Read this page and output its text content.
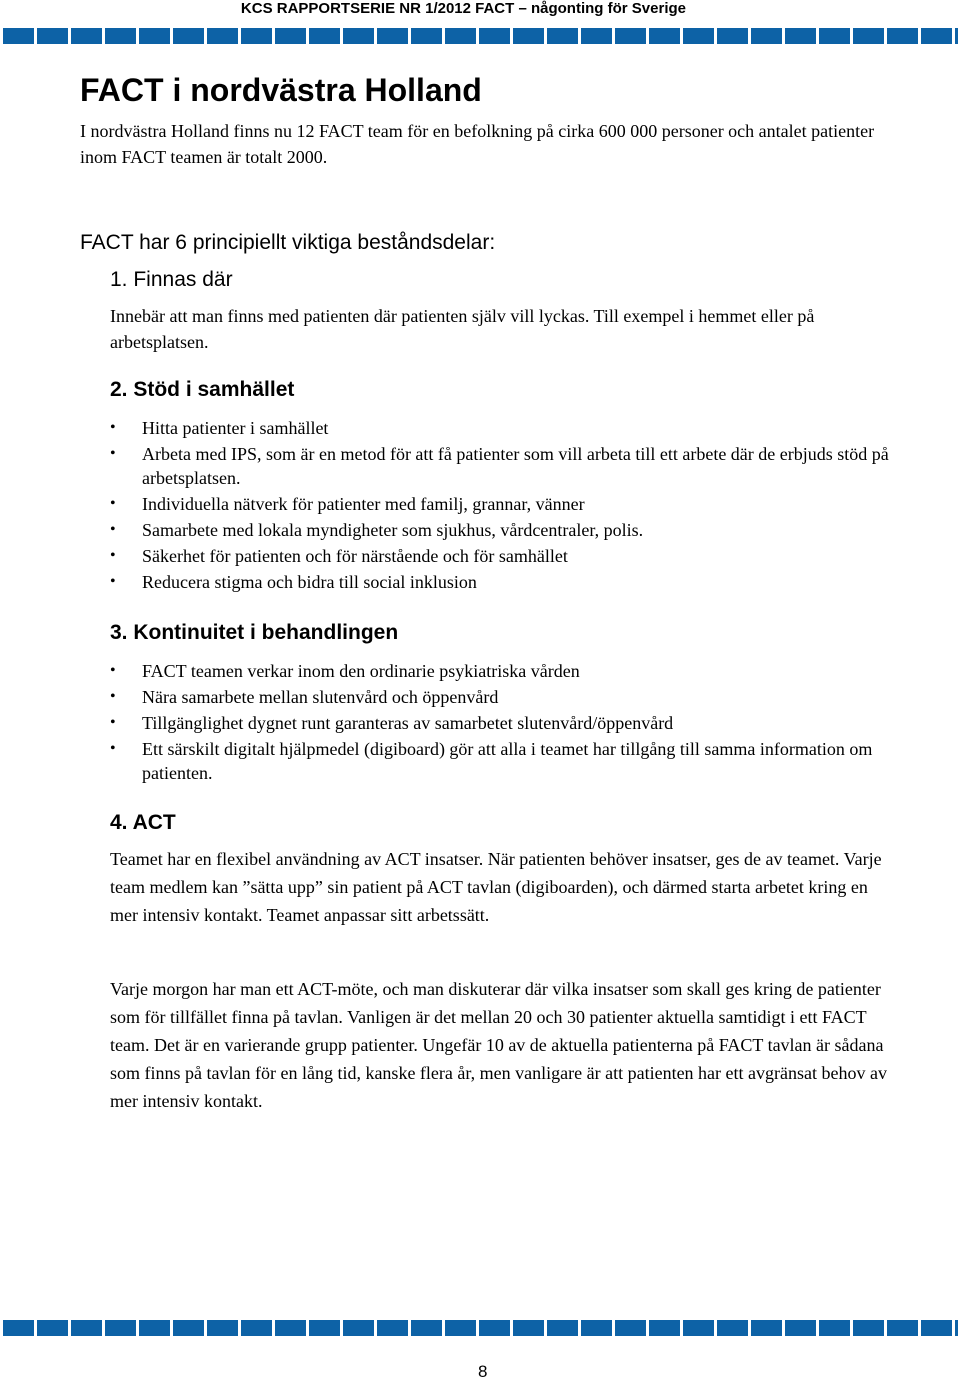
KCS RAPPORTSERIE NR 1/2012 FACT – någonting för Sverige
FACT i nordvästra Holland

I nordvästra Holland finns nu 12 FACT team för en befolkning på cirka 600 000 personer och antalet patienter inom FACT teamen är totalt 2000.

FACT har 6 principiellt viktiga beståndsdelar:
1. Finnas där

Innebär att man finns med patienten där patienten själv vill lyckas. Till exempel i hemmet eller på arbetsplatsen.

2. Stöd i samhället
• Hitta patienter i samhället
• Arbeta med IPS, som är en metod för att få patienter som vill arbeta till ett arbete där de erbjuds stöd på arbetsplatsen.
• Individuella nätverk för patienter med familj, grannar, vänner
• Samarbete med lokala myndigheter som sjukhus, vårdcentraler, polis.
• Säkerhet för patienten och för närstående och för samhället
• Reducera stigma och bidra till social inklusion
3. Kontinuitet i behandlingen
• FACT teamen verkar inom den ordinarie psykiatriska vården
• Nära samarbete mellan slutenvård och öppenvård
• Tillgänglighet dygnet runt garanteras av samarbetet slutenvård/öppenvård
• Ett särskilt digitalt hjälpmedel (digiboard) gör att alla i teamet har tillgång till samma information om patienten.
4. ACT

Teamet har en flexibel användning av ACT insatser. När patienten behöver insatser, ges de av teamet. Varje team medlem kan ”sätta upp” sin patient på ACT tavlan (digiboarden), och därmed starta arbetet kring en mer intensiv kontakt. Teamet anpassar sitt arbetssätt.

Varje morgon har man ett ACT-möte, och man diskuterar där vilka insatser som skall ges kring de patienter som för tillfället finna på tavlan. Vanligen är det mellan 20 och 30 patienter aktuella samtidigt i ett FACT team. Det är en varierande grupp patienter. Ungefär 10 av de aktuella patienterna på FACT tavlan är sådana som finns på tavlan för en lång tid, kanske flera år, men vanligare är att patienten har ett avgränsat behov av mer intensiv kontakt.

8
